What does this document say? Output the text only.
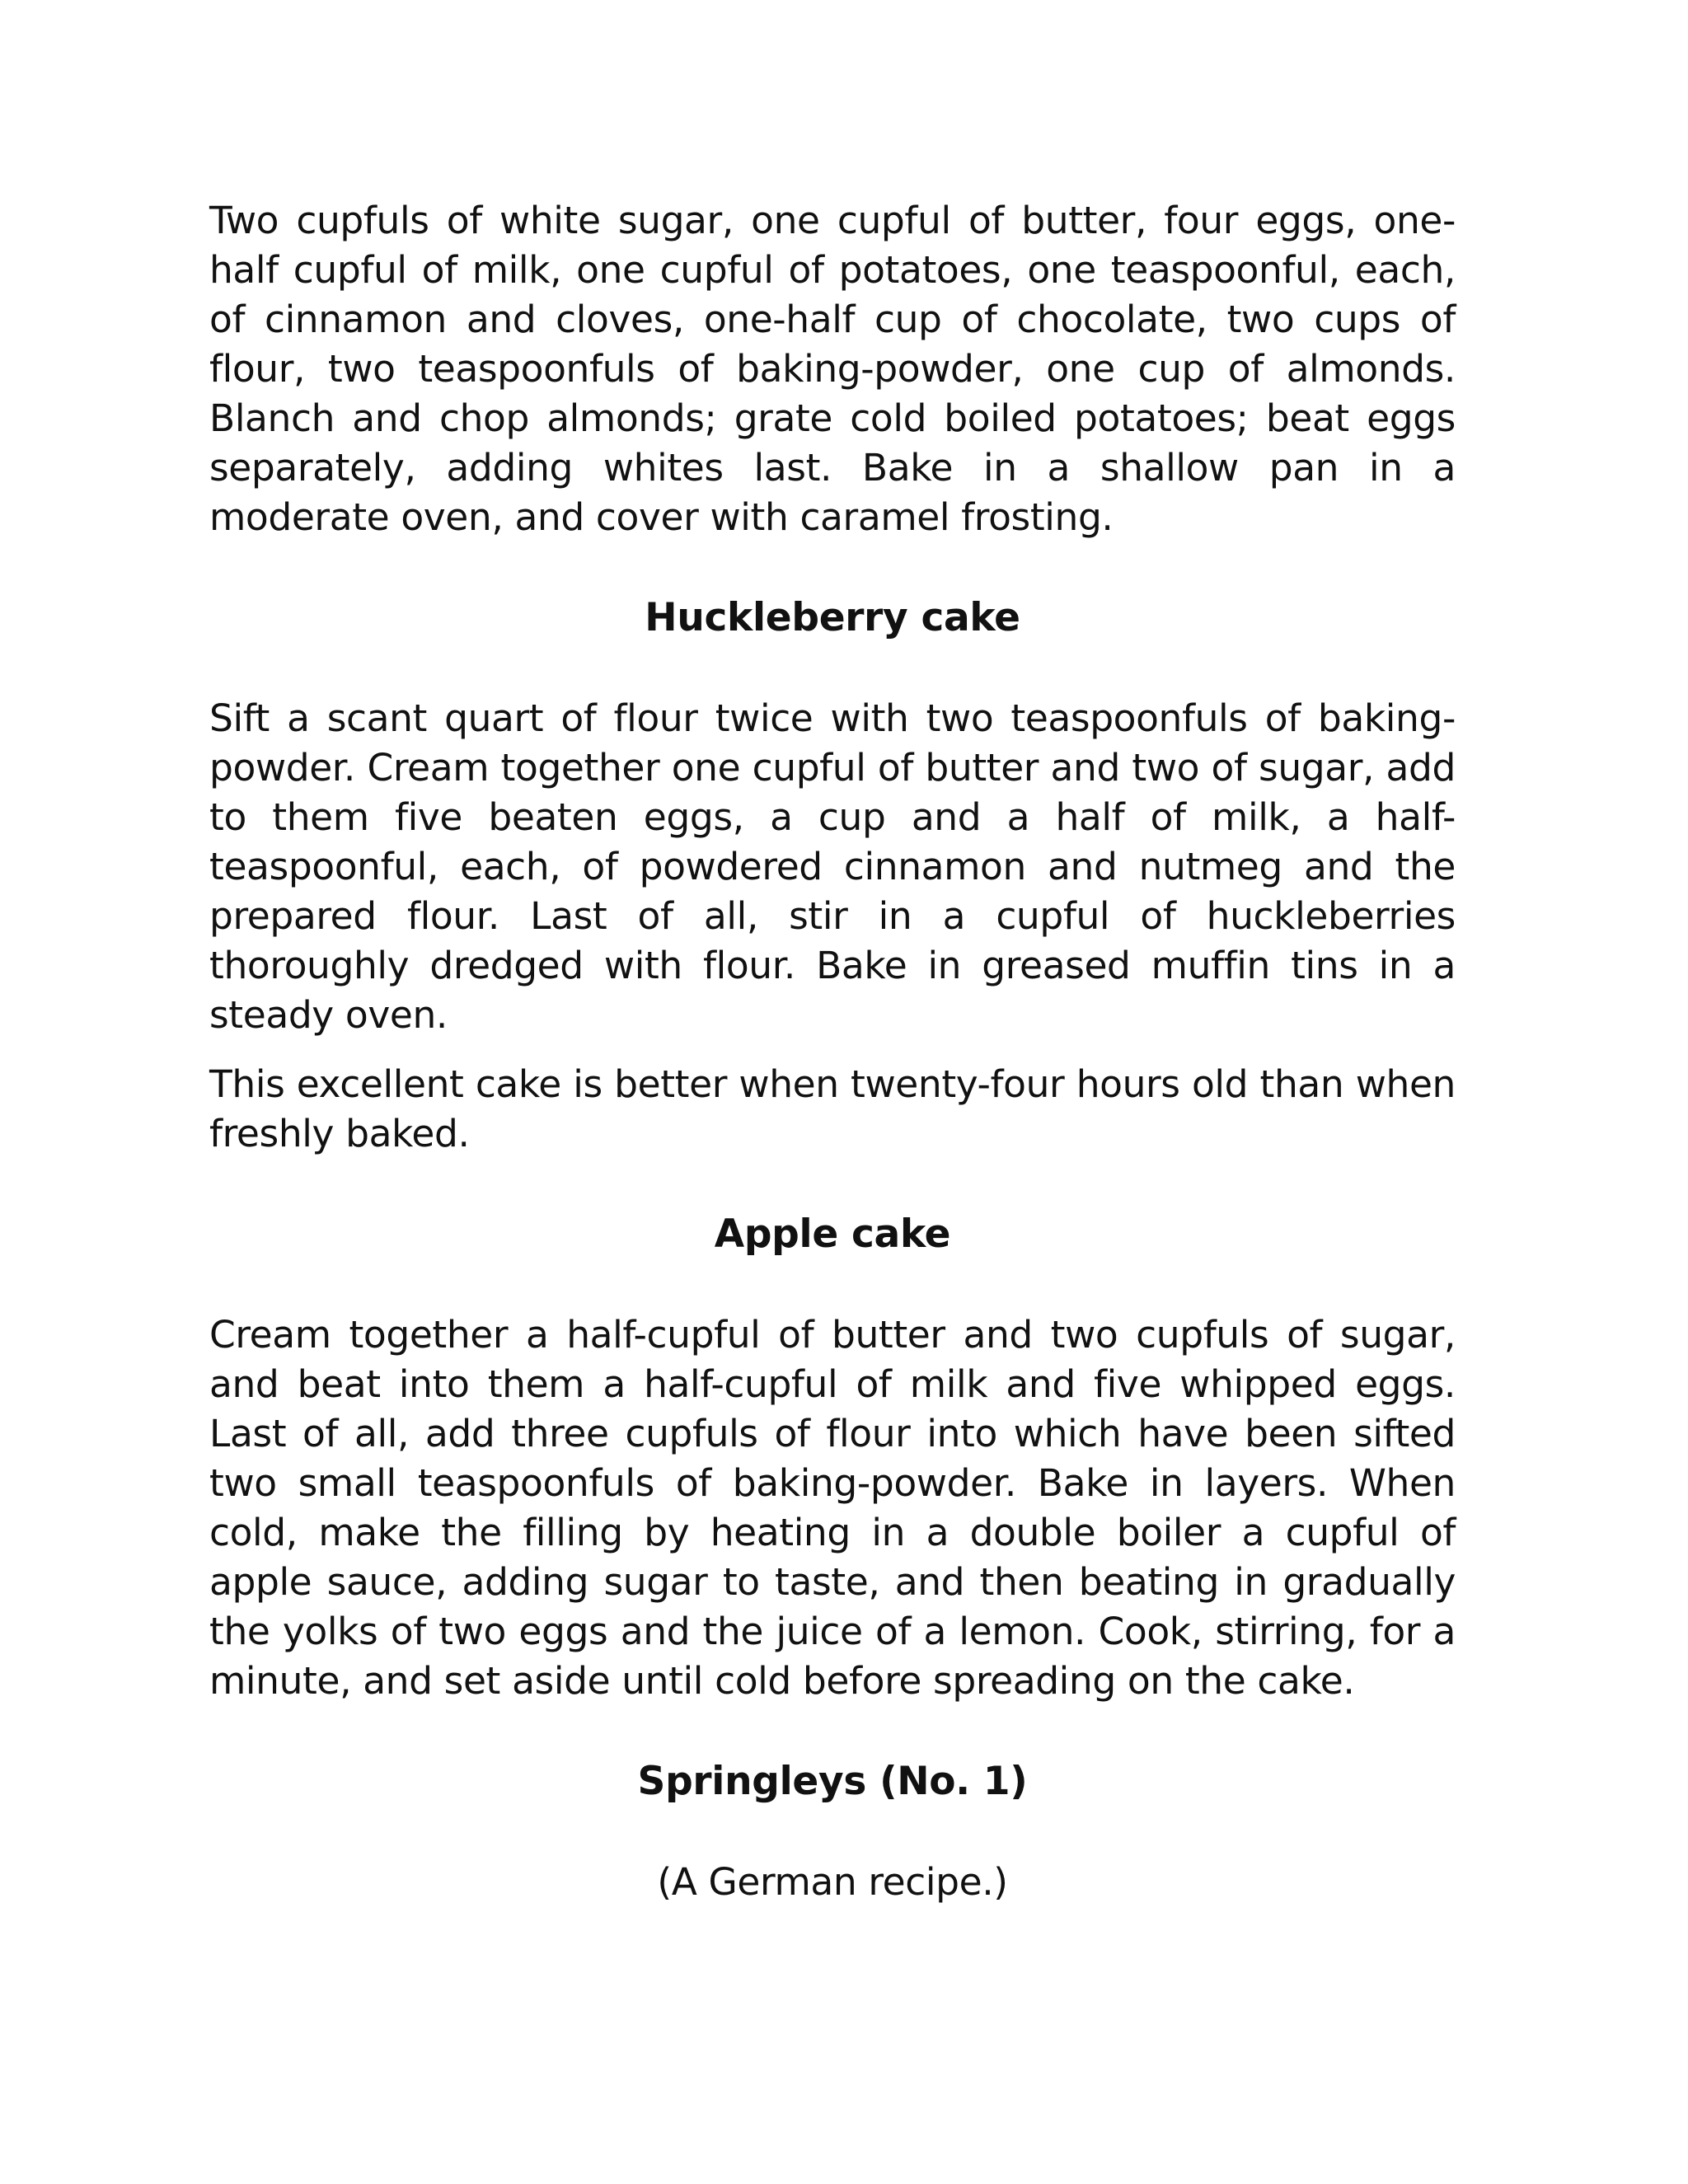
Two cupfuls of white sugar, one cupful of butter, four eggs, one-half cupful of milk, one cupful of potatoes, one teaspoonful, each, of cinnamon and cloves, one-half cup of chocolate, two cups of flour, two teaspoonfuls of baking-powder, one cup of almonds. Blanch and chop almonds; grate cold boiled potatoes; beat eggs separately, adding whites last. Bake in a shallow pan in a moderate oven, and cover with caramel frosting.

Huckleberry cake

Sift a scant quart of flour twice with two teaspoonfuls of baking-powder. Cream together one cupful of butter and two of sugar, add to them five beaten eggs, a cup and a half of milk, a half-teaspoonful, each, of powdered cinnamon and nutmeg and the prepared flour. Last of all, stir in a cupful of huckleberries thoroughly dredged with flour. Bake in greased muffin tins in a steady oven.

This excellent cake is better when twenty-four hours old than when freshly baked.

Apple cake

Cream together a half-cupful of butter and two cupfuls of sugar, and beat into them a half-cupful of milk and five whipped eggs. Last of all, add three cupfuls of flour into which have been sifted two small teaspoonfuls of baking-powder. Bake in layers. When cold, make the filling by heating in a double boiler a cupful of apple sauce, adding sugar to taste, and then beating in gradually the yolks of two eggs and the juice of a lemon. Cook, stirring, for a minute, and set aside until cold before spreading on the cake.

Springleys (No. 1)

(A German recipe.)
